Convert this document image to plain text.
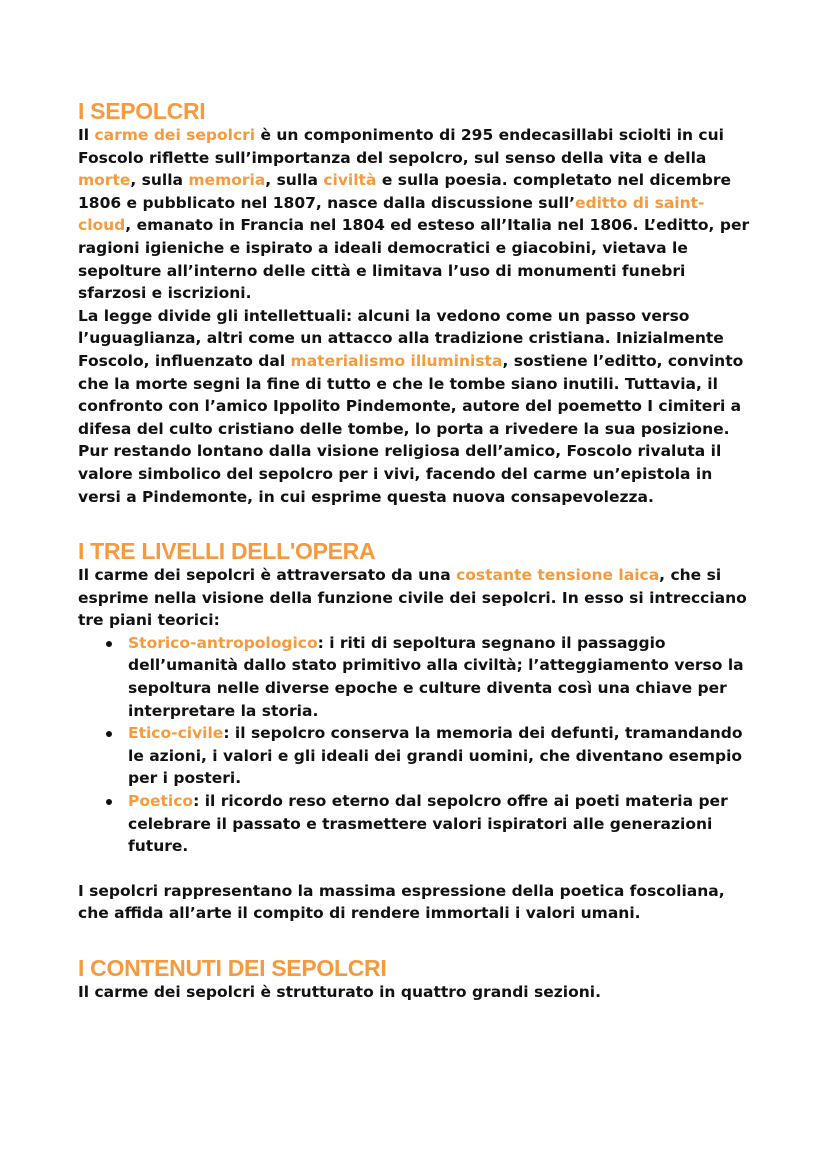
I SEPOLCRI

Il carme dei sepolcri è un componimento di 295 endecasillabi sciolti in cui Foscolo riflette sull’importanza del sepolcro, sul senso della vita e della morte, sulla memoria, sulla civiltà e sulla poesia. completato nel dicembre 1806 e pubblicato nel 1807, nasce dalla discussione sull’editto di saint-cloud, emanato in Francia nel 1804 ed esteso all’Italia nel 1806. L’editto, per ragioni igieniche e ispirato a ideali democratici e giacobini, vietava le sepolture all’interno delle città e limitava l’uso di monumenti funebri sfarzosi e iscrizioni.

La legge divide gli intellettuali: alcuni la vedono come un passo verso l’uguaglianza, altri come un attacco alla tradizione cristiana. Inizialmente Foscolo, influenzato dal materialismo illuminista, sostiene l’editto, convinto che la morte segni la fine di tutto e che le tombe siano inutili. Tuttavia, il confronto con l’amico Ippolito Pindemonte, autore del poemetto I cimiteri a difesa del culto cristiano delle tombe, lo porta a rivedere la sua posizione. Pur restando lontano dalla visione religiosa dell’amico, Foscolo rivaluta il valore simbolico del sepolcro per i vivi, facendo del carme un’epistola in versi a Pindemonte, in cui esprime questa nuova consapevolezza.

I TRE LIVELLI DELL'OPERA

Il carme dei sepolcri è attraversato da una costante tensione laica, che si esprime nella visione della funzione civile dei sepolcri. In esso si intrecciano tre piani teorici:

Storico-antropologico: i riti di sepoltura segnano il passaggio dell’umanità dallo stato primitivo alla civiltà; l’atteggiamento verso la sepoltura nelle diverse epoche e culture diventa così una chiave per interpretare la storia.
Etico-civile: il sepolcro conserva la memoria dei defunti, tramandando le azioni, i valori e gli ideali dei grandi uomini, che diventano esempio per i posteri.
Poetico: il ricordo reso eterno dal sepolcro offre ai poeti materia per celebrare il passato e trasmettere valori ispiratori alle generazioni future.

I sepolcri rappresentano la massima espressione della poetica foscoliana, che affida all’arte il compito di rendere immortali i valori umani.

I CONTENUTI DEI SEPOLCRI

Il carme dei sepolcri è strutturato in quattro grandi sezioni.
